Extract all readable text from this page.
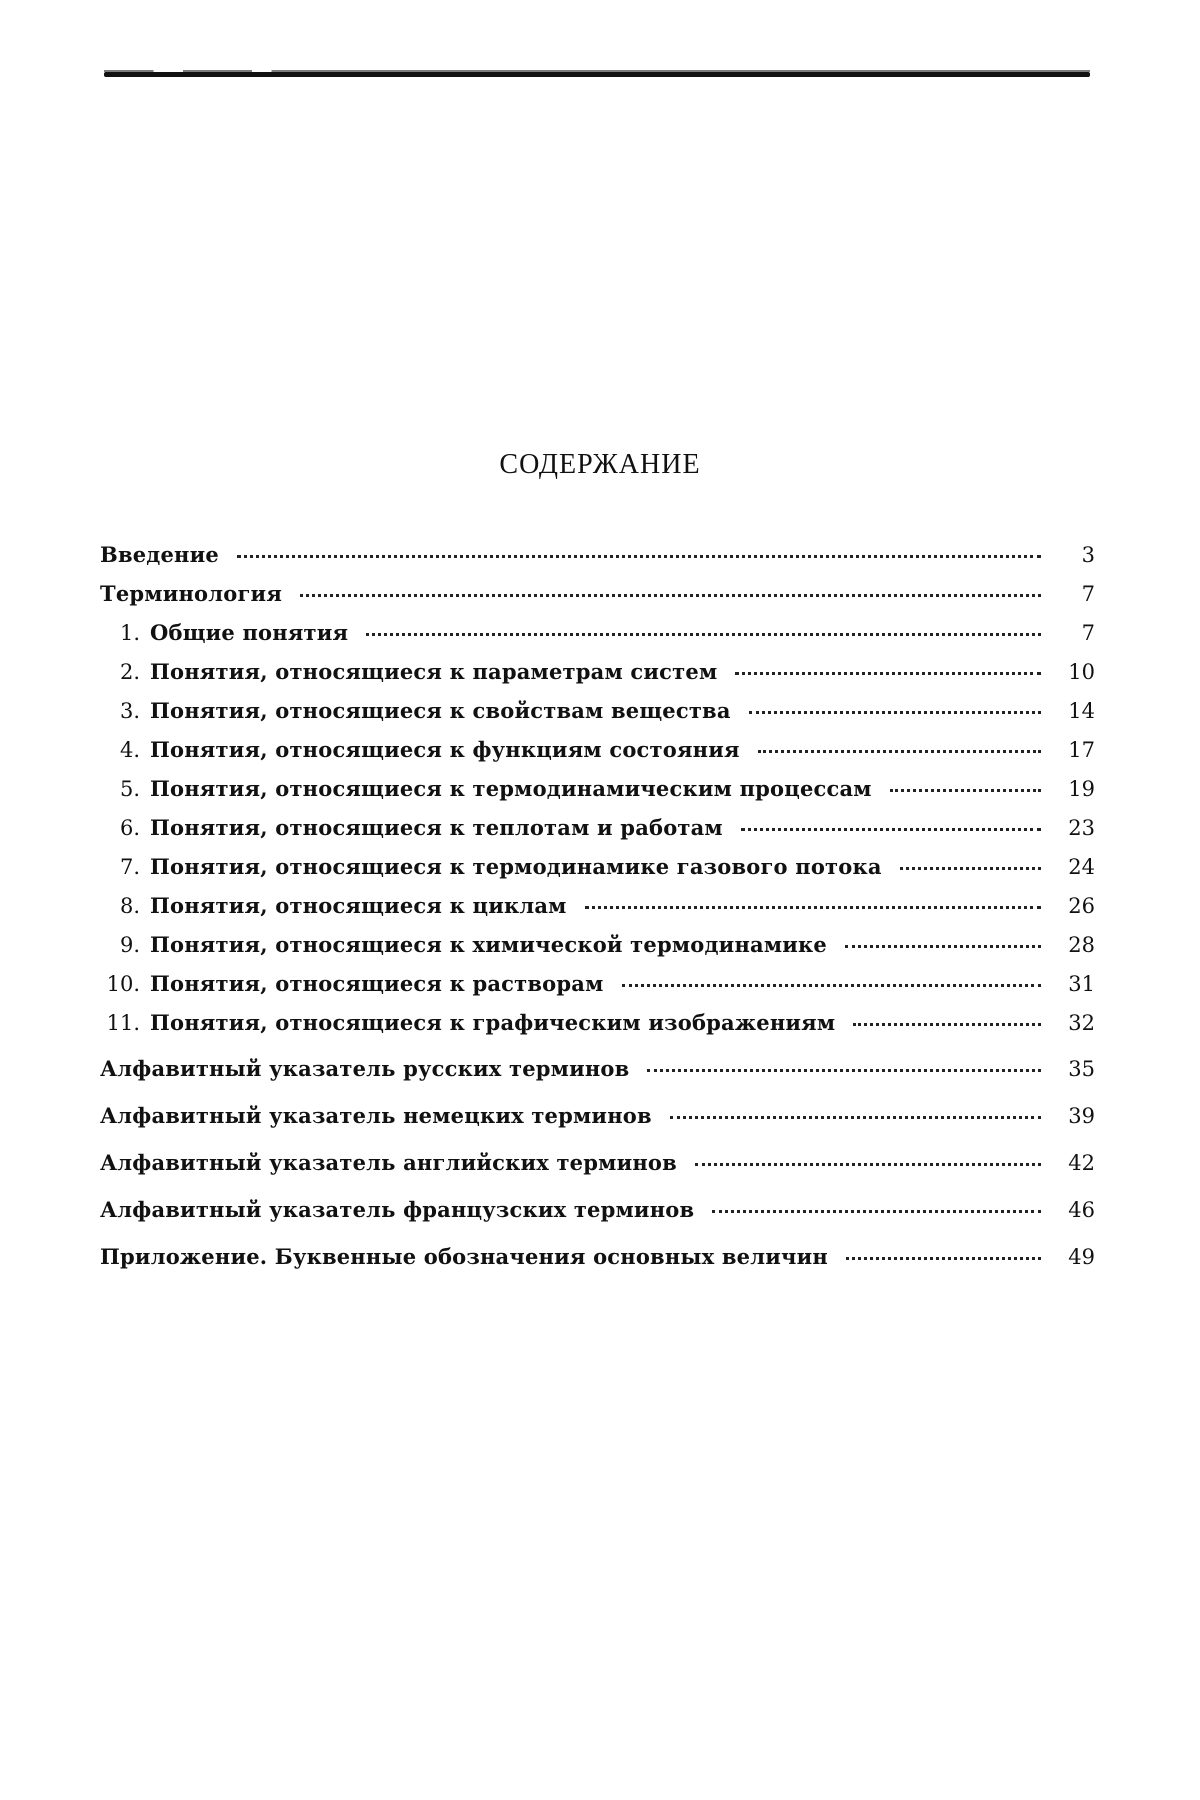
СОДЕРЖАНИЕ
Введение	3
Терминология	7
1. Общие понятия	7
2. Понятия, относящиеся к параметрам систем	10
3. Понятия, относящиеся к свойствам вещества	14
4. Понятия, относящиеся к функциям состояния	17
5. Понятия, относящиеся к термодинамическим процессам	19
6. Понятия, относящиеся к теплотам и работам	23
7. Понятия, относящиеся к термодинамике газового потока	24
8. Понятия, относящиеся к циклам	26
9. Понятия, относящиеся к химической термодинамике	28
10. Понятия, относящиеся к растворам	31
11. Понятия, относящиеся к графическим изображениям	32
Алфавитный указатель русских терминов	35
Алфавитный указатель немецких терминов	39
Алфавитный указатель английских терминов	42
Алфавитный указатель французских терминов	46
Приложение. Буквенные обозначения основных величин	49
